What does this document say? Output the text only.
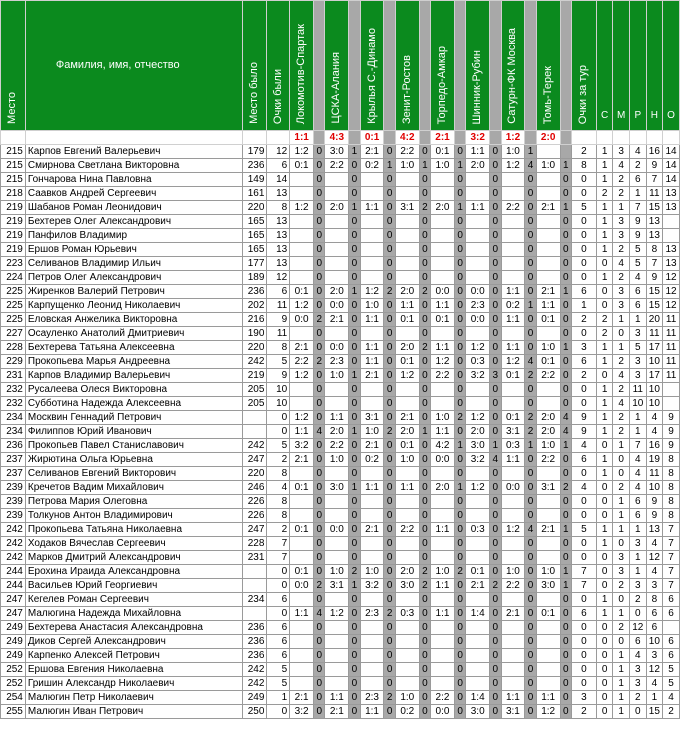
Место	Фамилия, имя, отчество	Место было	Очки были	Локомотив-Спартак		ЦСКА-Алания		Крылья С.-Динамо		Зенит-Ростов		Торпедо-Амкар		Шинник-Рубин		Сатурн-ФК Москва		Томь-Терек		Очки за тур	С	М	Р	Н	О
				1:1		4:3		0:1		4:2		2:1		3:2		1:2		2:0							
215	Карпов Евгений Валерьевич	179	12	1:2	0	3:0	1	2:1	0	2:2	0	0:1	0	1:1	0	1:0	1			2	1	3	4	16	14
215	Смирнова Светлана Викторовна	236	6	0:1	0	2:2	0	0:2	1	1:0	1	1:0	1	2:0	0	1:2	4	1:0	1	8	1	4	2	9	14
215	Гончарова Нина Павловна	149	14		0		0		0		0		0		0		0		0	0	1	2	6	7	14
218	Саавков Андрей Сергеевич	161	13		0		0		0		0		0		0		0		0	0	2	2	1	11	13
219	Шабанов Роман Леонидович	220	8	1:2	0	2:0	1	1:1	0	3:1	2	2:0	1	1:1	0	2:2	0	2:1	1	5	1	1	7	15	13
219	Бехтерев Олег Александрович	165	13		0		0		0		0		0		0		0		0	0	1	3	9	13	
219	Панфилов Владимир	165	13		0		0		0		0		0		0		0		0	0	1	3	9	13	
219	Ершов Роман Юрьевич	165	13		0		0		0		0		0		0		0		0	0	1	2	5	8	13
223	Селиванов Владимир Ильич	177	13		0		0		0		0		0		0		0		0	0	0	4	5	7	13
224	Петров Олег Александрович	189	12		0		0		0		0		0		0		0		0	0	1	2	4	9	12
225	Жиренков Валерий Петрович	236	6	0:1	0	2:0	1	1:2	2	2:0	2	0:0	0	0:0	0	1:1	0	2:1	1	6	0	3	6	15	12
225	Карпущенко Леонид Николаевич	202	11	1:2	0	0:0	0	1:0	0	1:1	0	1:1	0	2:3	0	0:2	1	1:1	0	1	0	3	6	15	12
225	Еловская Анжелика Викторовна	216	9	0:0	2	2:1	0	1:1	0	0:1	0	0:1	0	0:0	0	1:1	0	0:1	0	2	2	1	1	20	11
227	Осауленко Анатолий Дмитриевич	190	11		0		0		0		0		0		0		0		0	0	2	0	3	11	11
228	Бехтерева Татьяна Алексеевна	220	8	2:1	0	0:0	0	1:1	0	2:0	2	1:1	0	1:2	0	1:1	0	1:0	1	3	1	1	5	17	11
229	Прокопьева Марья Андреевна	242	5	2:2	2	2:3	0	1:1	0	0:1	0	1:2	0	0:3	0	1:2	4	0:1	0	6	1	2	3	10	11
231	Карпов Владимир Валерьевич	219	9	1:2	0	1:0	1	2:1	0	1:2	0	2:2	0	3:2	3	0:1	2	2:2	0	2	0	4	3	17	11
232	Русалеева Олеся Викторовна	205	10		0		0		0		0		0		0		0		0	0	1	2	11	10	
232	Субботина Надежда Алексеевна	205	10		0		0		0		0		0		0		0		0	0	1	4	10	10	
234	Москвин Геннадий Петрович		0	1:2	0	1:1	0	3:1	0	2:1	0	1:0	2	1:2	0	0:1	2	2:0	4	9	1	2	1	4	9
234	Филиппов Юрий Иванович		0	1:1	4	2:0	1	1:0	2	2:0	1	1:1	0	2:0	0	3:1	2	2:0	4	9	1	2	1	4	9
236	Прокопьев Павел Станиславович	242	5	3:2	0	2:2	0	2:1	0	0:1	0	4:2	1	3:0	1	0:3	1	1:0	1	4	0	1	7	16	9
237	Жирютина Ольга Юрьевна	247	2	2:1	0	1:0	0	0:2	0	1:0	0	0:0	0	3:2	4	1:1	0	2:2	0	6	1	0	4	19	8
237	Селиванов Евгений Викторович	220	8		0		0		0		0		0		0		0		0	0	1	0	4	11	8
239	Кречетов Вадим Михайлович	246	4	0:1	0	3:0	1	1:1	0	1:1	0	2:0	1	1:2	0	0:0	0	3:1	2	4	0	2	4	10	8
239	Петрова Мария Олеговна	226	8		0		0		0		0		0		0		0		0	0	0	1	6	9	8
239	Толкунов Антон Владимирович	226	8		0		0		0		0		0		0		0		0	0	0	1	6	9	8
242	Прокопьева Татьяна Николаевна	247	2	0:1	0	0:0	0	2:1	0	2:2	0	1:1	0	0:3	0	1:2	4	2:1	1	5	1	1	1	13	7
242	Ходаков Вячеслав Сергеевич	228	7		0		0		0		0		0		0		0		0	0	1	0	3	4	7
242	Марков Дмитрий Александрович	231	7		0		0		0		0		0		0		0		0	0	0	3	1	12	7
244	Ерохина Ираида Александровна		0	0:1	0	1:0	2	1:0	0	2:0	2	1:0	2	0:1	0	1:0	0	1:0	1	7	0	3	1	4	7
244	Васильев Юрий Георгиевич		0	0:0	2	3:1	1	3:2	0	3:0	2	1:1	0	2:1	2	2:2	0	3:0	1	7	0	2	3	3	7
247	Кегелев Роман Сергеевич	234	6		0		0		0		0		0		0		0		0	0	1	0	2	8	6
247	Малюгина Надежда Михайловна		0	1:1	4	1:2	0	2:3	2	0:3	0	1:1	0	1:4	0	2:1	0	0:1	0	6	1	1	0	6	6
249	Бехтерева Анастасия Александровна	236	6		0		0		0		0		0		0		0		0	0	0	2	12	6	
249	Диков Сергей Александрович	236	6		0		0		0		0		0		0		0		0	0	0	0	6	10	6
249	Карпенко Алексей Петрович	236	6		0		0		0		0		0		0		0		0	0	0	1	4	3	6
252	Ершова Евгения Николаевна	242	5		0		0		0		0		0		0		0		0	0	0	1	3	12	5
252	Гришин Александр Николаевич	242	5		0		0		0		0		0		0		0		0	0	0	1	3	4	5
254	Малюгин Петр Николаевич	249	1	2:1	0	1:1	0	2:3	2	1:0	0	2:2	0	1:4	0	1:1	0	1:1	0	3	0	1	2	1	4
255	Малюгин Иван Петрович	250	0	3:2	0	2:1	0	1:1	0	0:2	0	0:0	0	3:0	0	3:1	0	1:2	0	2	0	1	0	15	2
